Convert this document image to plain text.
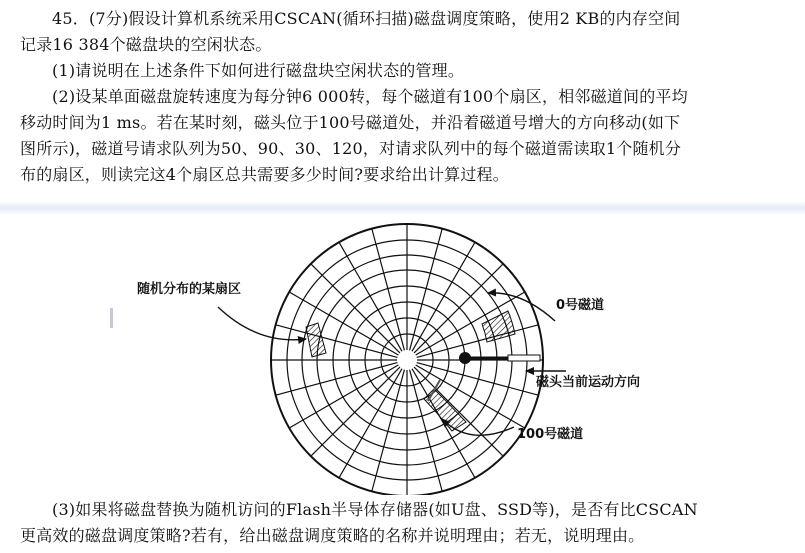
45．(7分)假设计算机系统采用CSCAN(循环扫描)磁盘调度策略，使用2 KB的内存空间

记录16 384个磁盘块的空闲状态。

(1)请说明在上述条件下如何进行磁盘块空闲状态的管理。

(2)设某单面磁盘旋转速度为每分钟6 000转，每个磁道有100个扇区，相邻磁道间的平均

移动时间为1 ms。若在某时刻，磁头位于100号磁道处，并沿着磁道号增大的方向移动(如下

图所示)，磁道号请求队列为50、90、30、120，对请求队列中的每个磁道需读取1个随机分

布的扇区，则读完这4个扇区总共需要多少时间?要求给出计算过程。

随机分布的某扇区
0号磁道
磁头当前运动方向
100号磁道

(3)如果将磁盘替换为随机访问的Flash半导体存储器(如U盘、SSD等)，是否有比CSCAN

更高效的磁盘调度策略?若有，给出磁盘调度策略的名称并说明理由；若无，说明理由。
